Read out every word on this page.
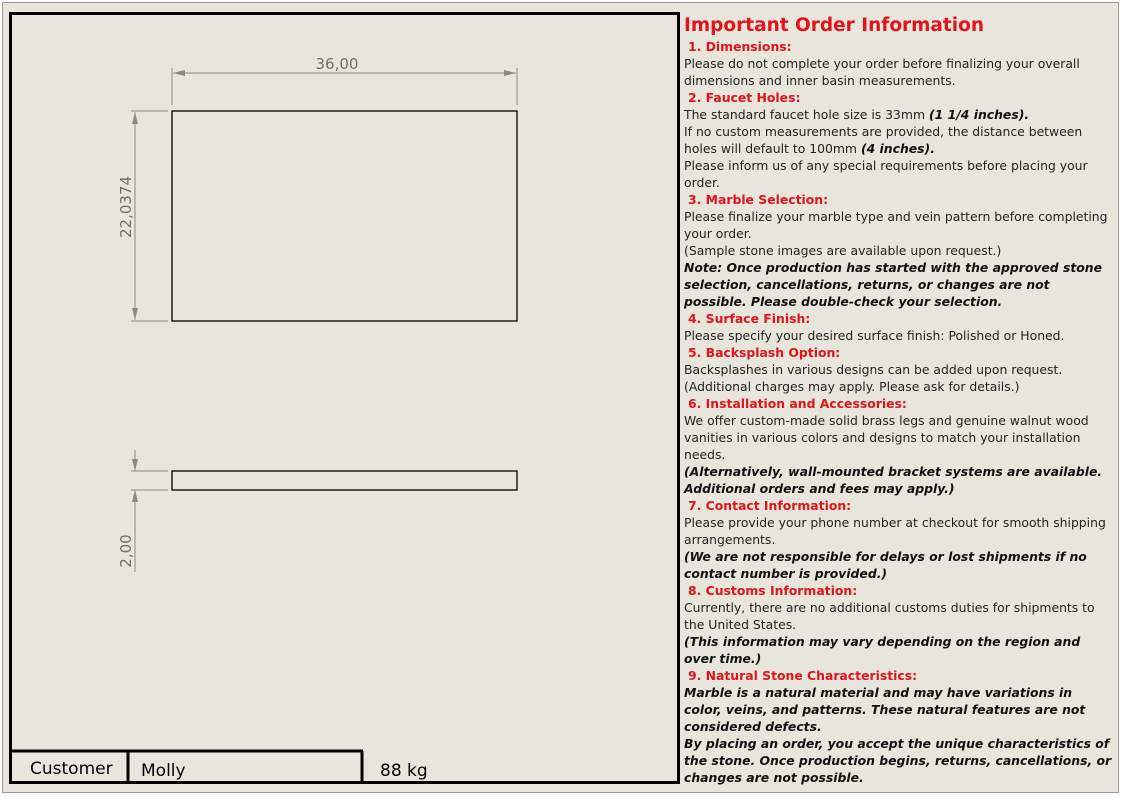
36,00
22,0374
2,00
Customer Molly	88 kg
Important Order Information
1. Dimensions:
Please do not complete your order before finalizing your overall dimensions and inner basin measurements.
2. Faucet Holes:
The standard faucet hole size is 33mm (1 1/4 inches).
If no custom measurements are provided, the distance between holes will default to 100mm (4 inches).
Please inform us of any special requirements before placing your order.
3. Marble Selection:
Please finalize your marble type and vein pattern before completing your order.
(Sample stone images are available upon request.)
Note: Once production has started with the approved stone selection, cancellations, returns, or changes are not possible. Please double-check your selection.
4. Surface Finish:
Please specify your desired surface finish: Polished or Honed.
5. Backsplash Option:
Backsplashes in various designs can be added upon request.
(Additional charges may apply. Please ask for details.)
6. Installation and Accessories:
We offer custom-made solid brass legs and genuine walnut wood vanities in various colors and designs to match your installation needs.
(Alternatively, wall-mounted bracket systems are available. Additional orders and fees may apply.)
7. Contact Information:
Please provide your phone number at checkout for smooth shipping arrangements.
(We are not responsible for delays or lost shipments if no contact number is provided.)
8. Customs Information:
Currently, there are no additional customs duties for shipments to the United States.
(This information may vary depending on the region and over time.)
9. Natural Stone Characteristics:
Marble is a natural material and may have variations in color, veins, and patterns. These natural features are not considered defects.
By placing an order, you accept the unique characteristics of the stone. Once production begins, returns, cancellations, or changes are not possible.
